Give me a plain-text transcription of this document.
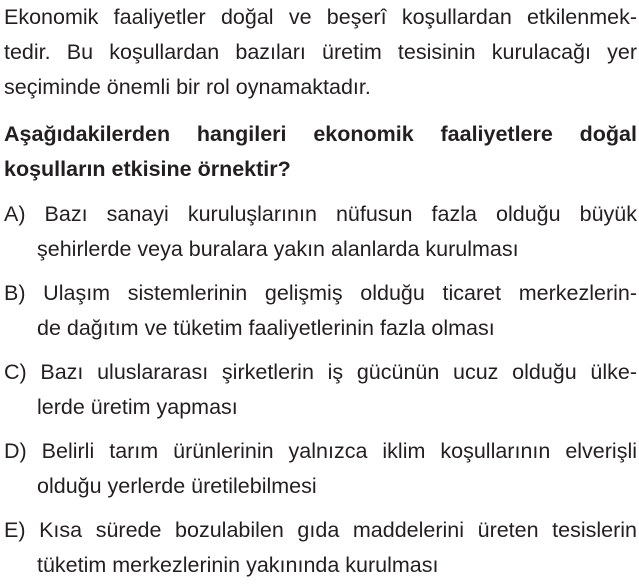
Ekonomik faaliyetler doğal ve beşerî koşullardan etkilenmek-
tedir. Bu koşullardan bazıları üretim tesisinin kurulacağı yer
seçiminde önemli bir rol oynamaktadır.
Aşağıdakilerden hangileri ekonomik faaliyetlere doğal
koşulların etkisine örnektir?
A) Bazı sanayi kuruluşlarının nüfusun fazla olduğu büyük
şehirlerde veya buralara yakın alanlarda kurulması
B) Ulaşım sistemlerinin gelişmiş olduğu ticaret merkezlerin-
de dağıtım ve tüketim faaliyetlerinin fazla olması
C) Bazı uluslararası şirketlerin iş gücünün ucuz olduğu ülke-
lerde üretim yapması
D) Belirli tarım ürünlerinin yalnızca iklim koşullarının elverişli
olduğu yerlerde üretilebilmesi
E) Kısa sürede bozulabilen gıda maddelerini üreten tesislerin
tüketim merkezlerinin yakınında kurulması
